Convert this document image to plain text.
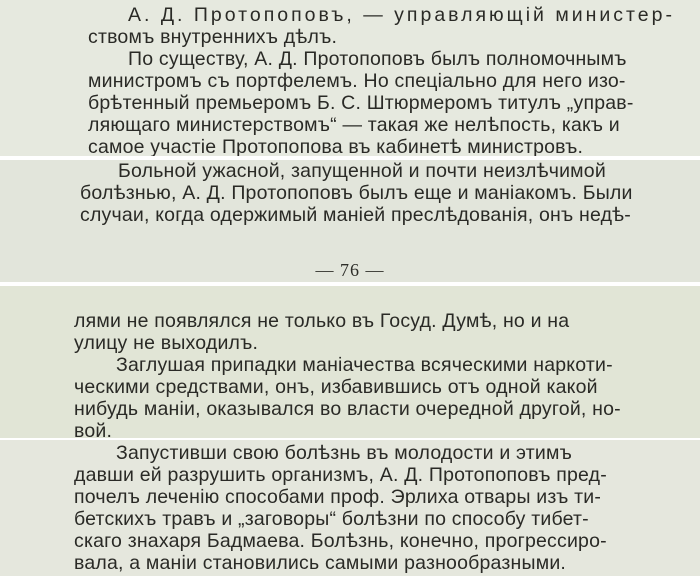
А. Д. Протопоповъ, — управляющій министер-
ствомъ внутреннихъ дѣлъ.
По существу, А. Д. Протопоповъ былъ полномочнымъ
министромъ съ портфелемъ. Но спеціально для него изо-
брѣтенный премьеромъ Б. С. Штюрмеромъ титулъ „управ-
ляющаго министерствомъ“ — такая же нелѣпость, какъ и
самое участіе Протопопова въ кабинетѣ министровъ.
Больной ужасной, запущенной и почти неизлѣчимой
болѣзнью, А. Д. Протопоповъ былъ еще и маніакомъ. Были
случаи, когда одержимый маніей преслѣдованія, онъ недѣ-
— 76 —
лями не появлялся не только въ Госуд. Думѣ, но и на
улицу не выходилъ.
Заглушая припадки маніачества всяческими наркоти-
ческими средствами, онъ, избавившись отъ одной какой
нибудь маніи, оказывался во власти очередной другой, но-
вой.
Запустивши свою болѣзнь въ молодости и этимъ
давши ей разрушить организмъ, А. Д. Протопоповъ пред-
почелъ леченію способами проф. Эрлиха отвары изъ ти-
бетскихъ травъ и „заговоры“ болѣзни по способу тибет-
скаго знахаря Бадмаева. Болѣзнь, конечно, прогрессиро-
вала, а маніи становились самыми разнообразными.
